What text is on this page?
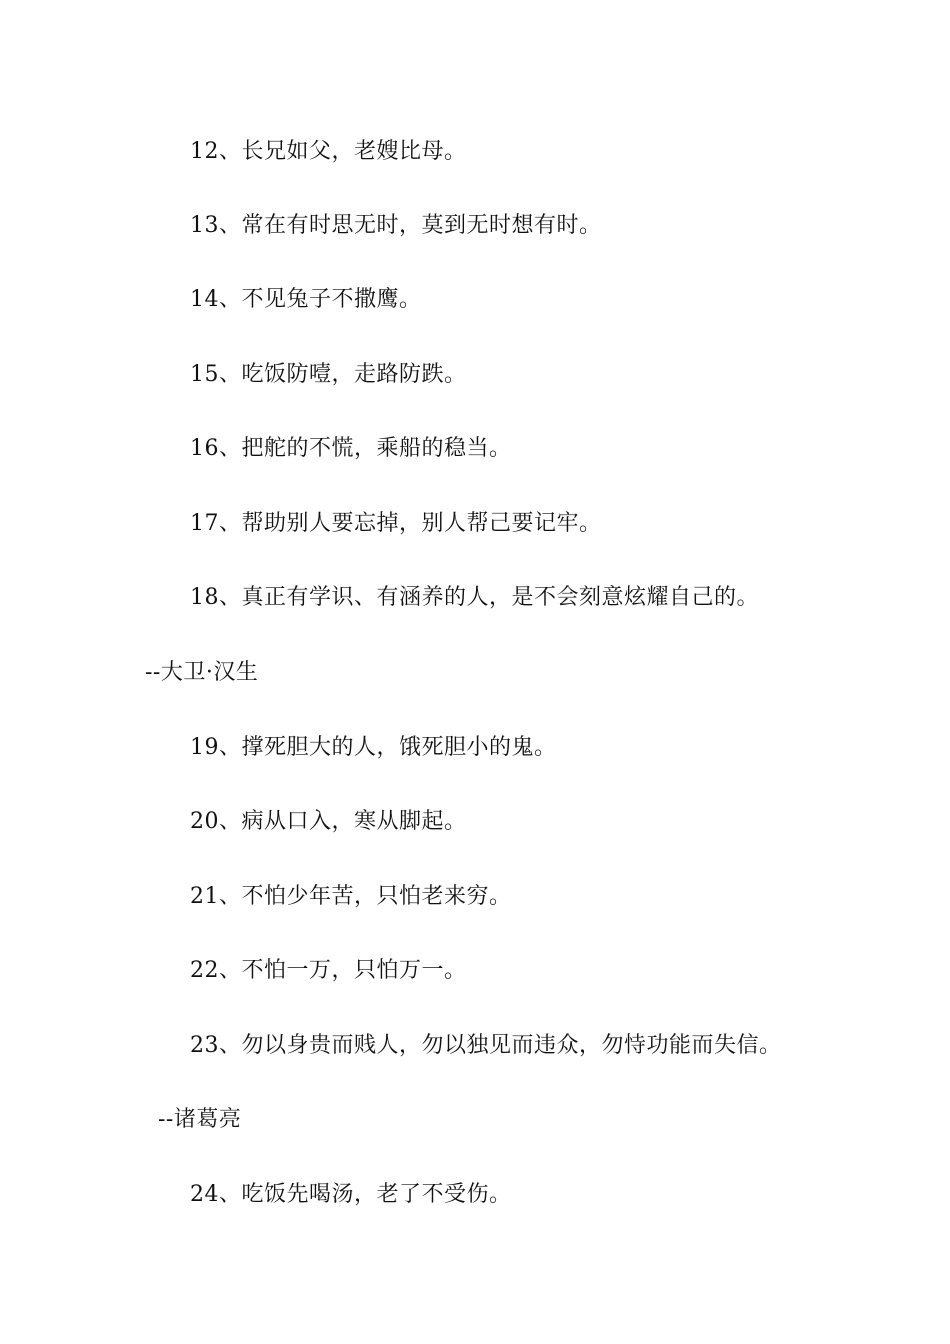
12、长兄如父，老嫂比母。
13、常在有时思无时，莫到无时想有时。
14、不见兔子不撒鹰。
15、吃饭防噎，走路防跌。
16、把舵的不慌，乘船的稳当。
17、帮助别人要忘掉，别人帮己要记牢。
18、真正有学识、有涵养的人，是不会刻意炫耀自己的。
--大卫·汉生
19、撑死胆大的人，饿死胆小的鬼。
20、病从口入，寒从脚起。
21、不怕少年苦，只怕老来穷。
22、不怕一万，只怕万一。
23、勿以身贵而贱人，勿以独见而违众，勿恃功能而失信。
--诸葛亮
24、吃饭先喝汤，老了不受伤。
